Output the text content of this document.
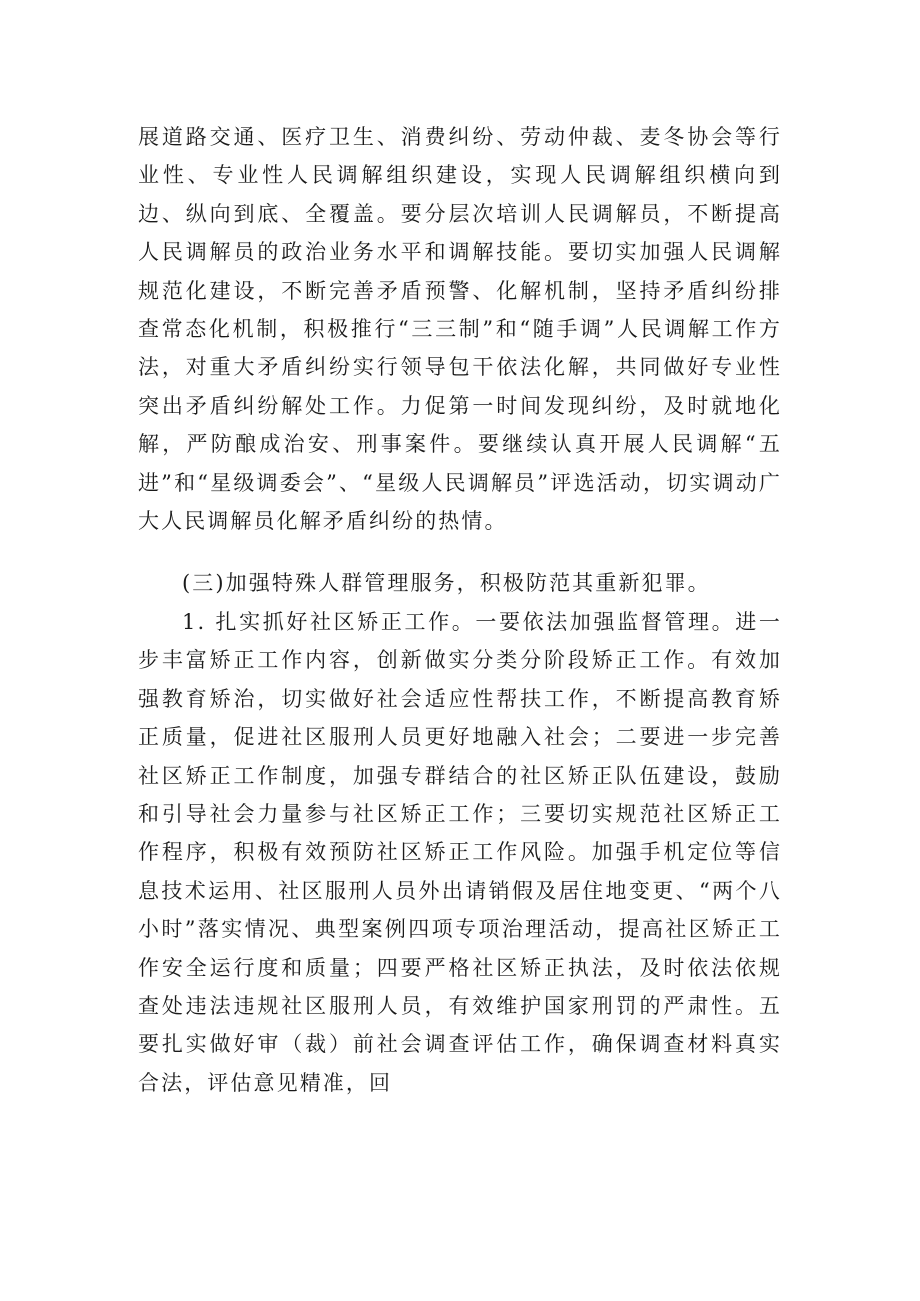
展道路交通、医疗卫生、消费纠纷、劳动仲裁、麦冬协会等行业性、专业性人民调解组织建设，实现人民调解组织横向到边、纵向到底、全覆盖。要分层次培训人民调解员，不断提高人民调解员的政治业务水平和调解技能。要切实加强人民调解规范化建设，不断完善矛盾预警、化解机制，坚持矛盾纠纷排查常态化机制，积极推行“三三制”和“随手调”人民调解工作方法，对重大矛盾纠纷实行领导包干依法化解，共同做好专业性突出矛盾纠纷解处工作。力促第一时间发现纠纷，及时就地化解，严防酿成治安、刑事案件。要继续认真开展人民调解“五进”和“星级调委会”、“星级人民调解员”评选活动，切实调动广大人民调解员化解矛盾纠纷的热情。

(三)加强特殊人群管理服务，积极防范其重新犯罪。

1. 扎实抓好社区矫正工作。一要依法加强监督管理。进一步丰富矫正工作内容，创新做实分类分阶段矫正工作。有效加强教育矫治，切实做好社会适应性帮扶工作，不断提高教育矫正质量，促进社区服刑人员更好地融入社会；二要进一步完善社区矫正工作制度，加强专群结合的社区矫正队伍建设，鼓励和引导社会力量参与社区矫正工作；三要切实规范社区矫正工作程序，积极有效预防社区矫正工作风险。加强手机定位等信息技术运用、社区服刑人员外出请销假及居住地变更、“两个八小时”落实情况、典型案例四项专项治理活动，提高社区矫正工作安全运行度和质量；四要严格社区矫正执法，及时依法依规查处违法违规社区服刑人员，有效维护国家刑罚的严肃性。五要扎实做好审（裁）前社会调查评估工作，确保调查材料真实合法，评估意见精准，回
